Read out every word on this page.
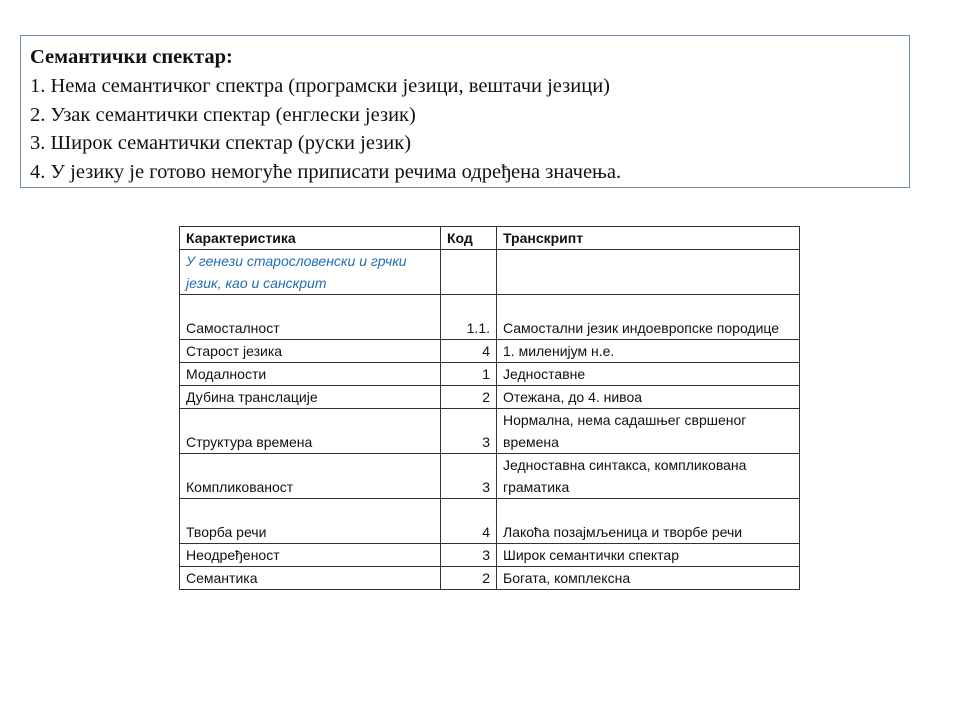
Семантички спектар:
1. Нема семантичког спектра (програмски језици, вештачи језици)
2. Узак семантички спектар (енглески језик)
3. Широк семантички спектар (руски језик)
4. У језику је готово немогуће приписати речима одређена значења.
Карактеристика	Код	Транскрипт
У генези старословенски и грчки језик, као и санскрит		
Самосталност	1.1.	Самостални језик индоевропске породице
Старост језика	4	1. миленијум н.е.
Модалности	1	Једноставне
Дубина транслације	2	Отежана, до 4. нивоа
Структура времена	3	Нормална, нема садашњег свршеног времена
Компликованост	3	Једноставна синтакса, компликована граматика
Творба речи	4	Лакоћа позајмљеница и творбе речи
Неодређеност	3	Широк семантички спектар
Семантика	2	Богата, комплексна
